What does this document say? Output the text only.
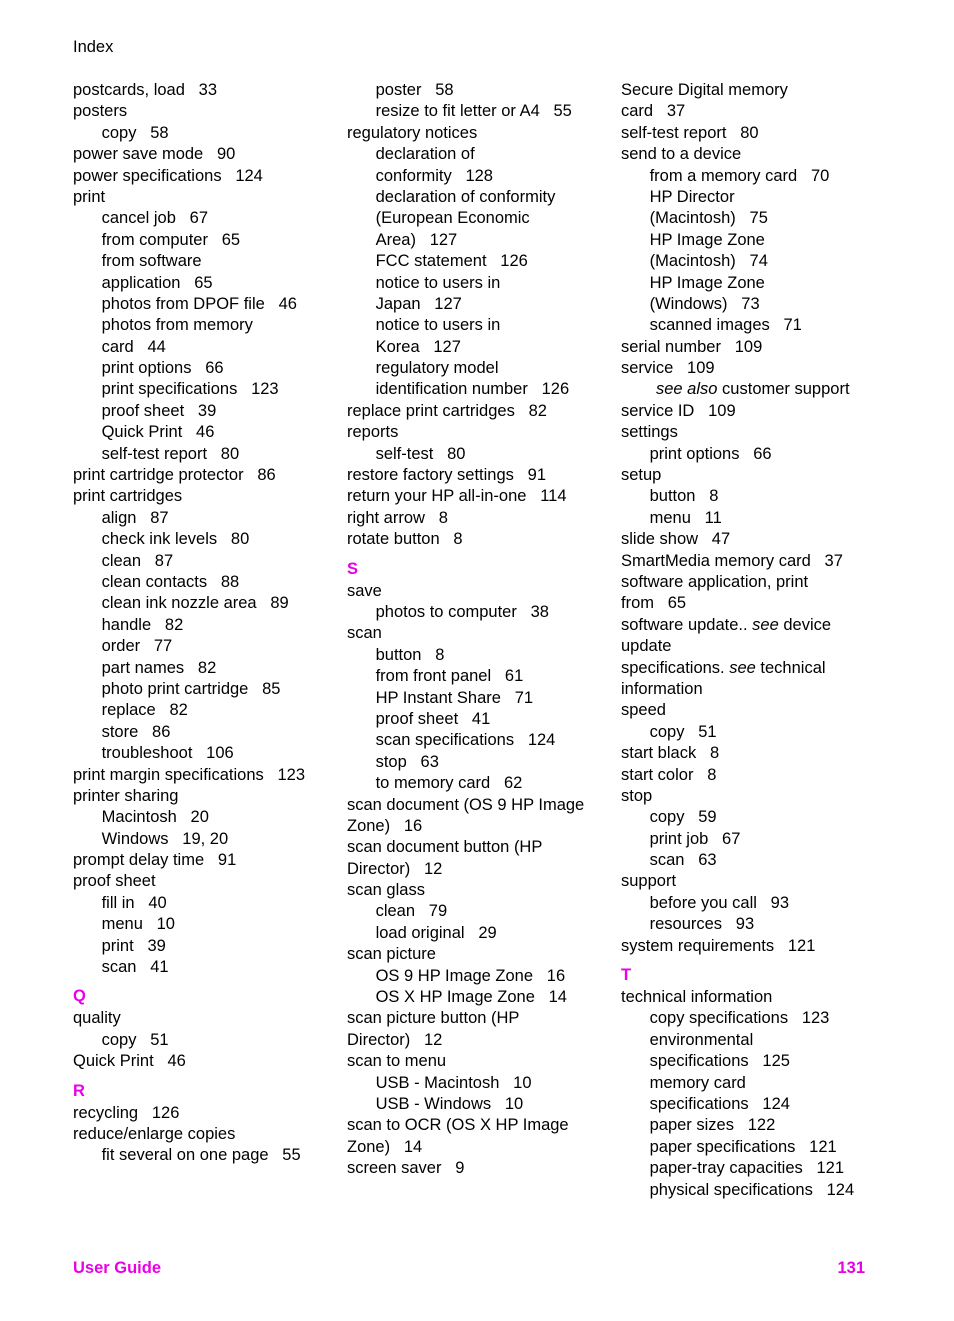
Index
postcards, load   33
posters
copy   58
power save mode   90
power specifications   124
print
cancel job   67
from computer   65
from software
application   65
photos from DPOF file   46
photos from memory
card   44
print options   66
print specifications   123
proof sheet   39
Quick Print   46
self-test report   80
print cartridge protector   86
print cartridges
align   87
check ink levels   80
clean   87
clean contacts   88
clean ink nozzle area   89
handle   82
order   77
part names   82
photo print cartridge   85
replace   82
store   86
troubleshoot   106
print margin specifications   123
printer sharing
Macintosh   20
Windows   19, 20
prompt delay time   91
proof sheet
fill in   40
menu   10
print   39
scan   41
Q
quality
copy   51
Quick Print   46
R
recycling   126
reduce/enlarge copies
fit several on one page   55
poster   58
resize to fit letter or A4   55
regulatory notices
declaration of
conformity   128
declaration of conformity
(European Economic
Area)   127
FCC statement   126
notice to users in
Japan   127
notice to users in
Korea   127
regulatory model
identification number   126
replace print cartridges   82
reports
self-test   80
restore factory settings   91
return your HP all-in-one   114
right arrow   8
rotate button   8
S
save
photos to computer   38
scan
button   8
from front panel   61
HP Instant Share   71
proof sheet   41
scan specifications   124
stop   63
to memory card   62
scan document (OS 9 HP Image
Zone)   16
scan document button (HP
Director)   12
scan glass
clean   79
load original   29
scan picture
OS 9 HP Image Zone   16
OS X HP Image Zone   14
scan picture button (HP
Director)   12
scan to menu
USB - Macintosh   10
USB - Windows   10
scan to OCR (OS X HP Image
Zone)   14
screen saver   9
Secure Digital memory
card   37
self-test report   80
send to a device
from a memory card   70
HP Director
(Macintosh)   75
HP Image Zone
(Macintosh)   74
HP Image Zone
(Windows)   73
scanned images   71
serial number   109
service   109
see also customer support
service ID   109
settings
print options   66
setup
button   8
menu   11
slide show   47
SmartMedia memory card   37
software application, print
from   65
software update.. see device
update
specifications. see technical
information
speed
copy   51
start black   8
start color   8
stop
copy   59
print job   67
scan   63
support
before you call   93
resources   93
system requirements   121
T
technical information
copy specifications   123
environmental
specifications   125
memory card
specifications   124
paper sizes   122
paper specifications   121
paper-tray capacities   121
physical specifications   124
User Guide	131
